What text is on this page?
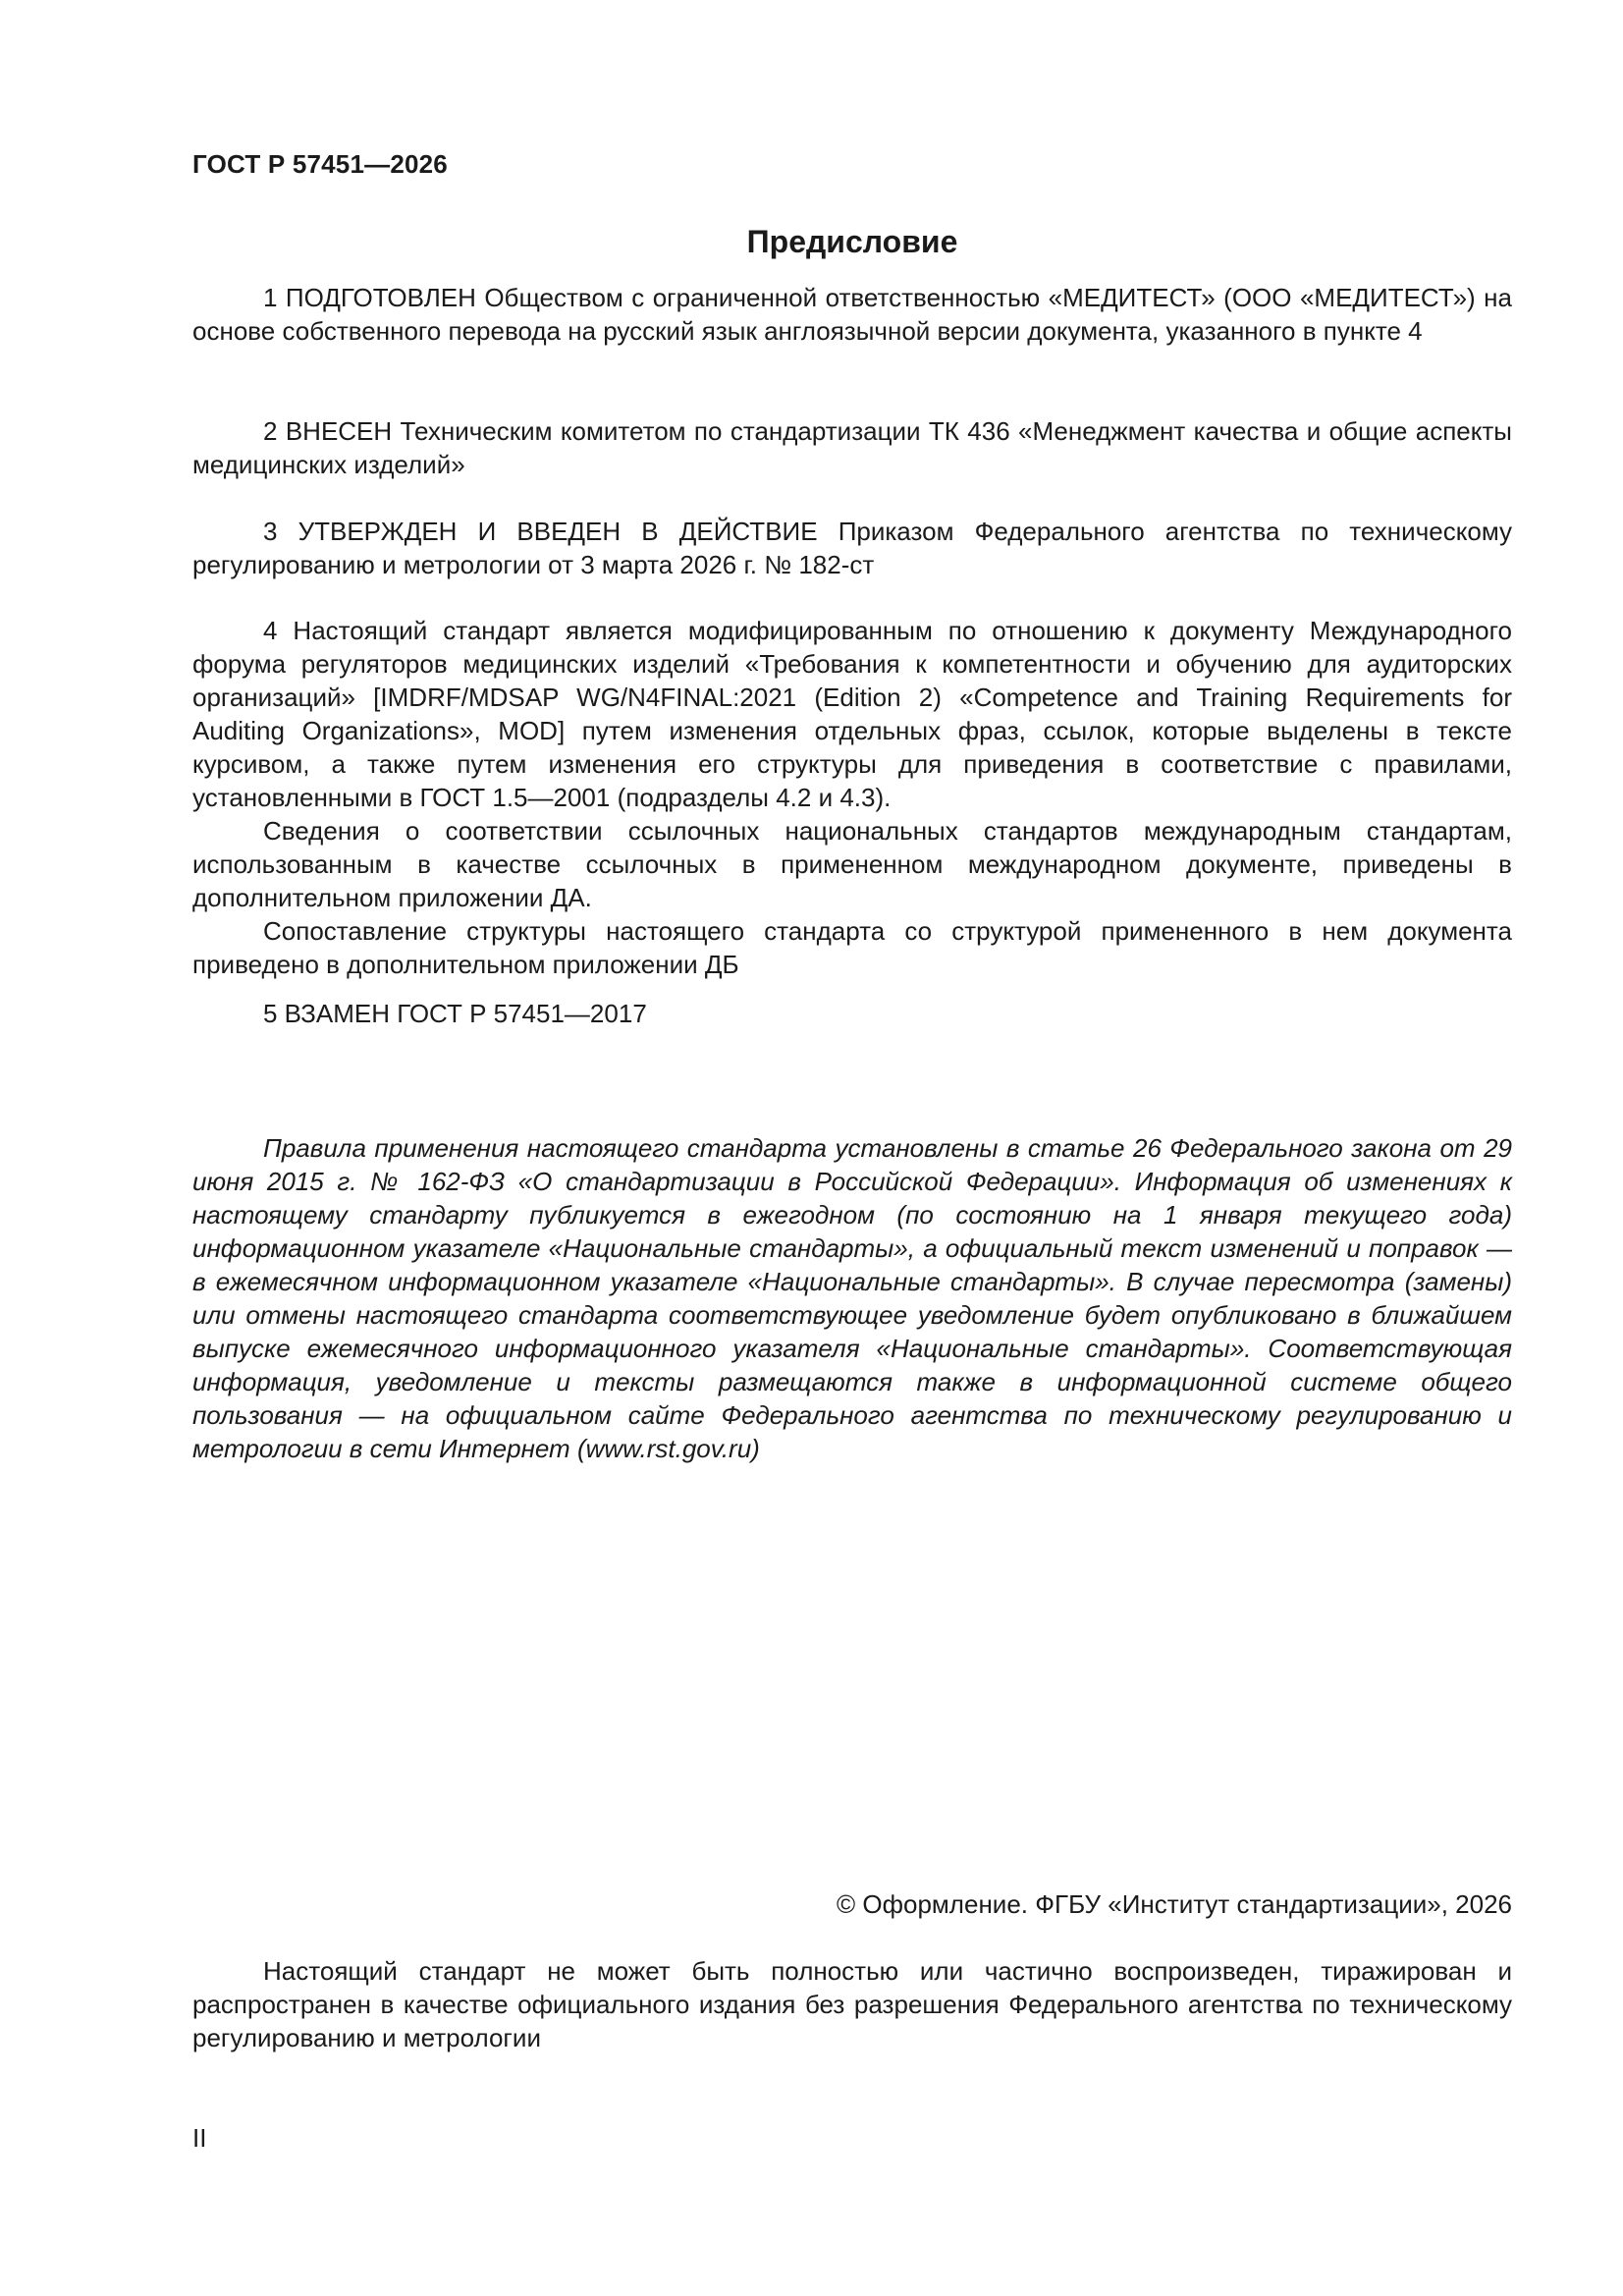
ГОСТ Р 57451—2026
Предисловие

1 ПОДГОТОВЛЕН Обществом с ограниченной ответственностью «МЕДИТЕСТ» (ООО «МЕДИТЕСТ») на основе собственного перевода на русский язык англоязычной версии документа, указанного в пункте 4

2 ВНЕСЕН Техническим комитетом по стандартизации ТК 436 «Менеджмент качества и общие аспекты медицинских изделий»

3 УТВЕРЖДЕН И ВВЕДЕН В ДЕЙСТВИЕ Приказом Федерального агентства по техническому регулированию и метрологии от 3 марта 2026 г. № 182-ст

4 Настоящий стандарт является модифицированным по отношению к документу Международного форума регуляторов медицинских изделий «Требования к компетентности и обучению для аудиторских организаций» [IMDRF/MDSAP WG/N4FINAL:2021 (Edition 2) «Competence and Training Requirements for Auditing Organizations», MOD] путем изменения отдельных фраз, ссылок, которые выделены в тексте курсивом, а также путем изменения его структуры для приведения в соответствие с правилами, установленными в ГОСТ 1.5—2001 (подразделы 4.2 и 4.3).

Сведения о соответствии ссылочных национальных стандартов международным стандартам, использованным в качестве ссылочных в примененном международном документе, приведены в дополнительном приложении ДА.

Сопоставление структуры настоящего стандарта со структурой примененного в нем документа приведено в дополнительном приложении ДБ

5 ВЗАМЕН ГОСТ Р 57451—2017

Правила применения настоящего стандарта установлены в статье 26 Федерального закона от 29 июня 2015 г. № 162-ФЗ «О стандартизации в Российской Федерации». Информация об изменениях к настоящему стандарту публикуется в ежегодном (по состоянию на 1 января текущего года) информационном указателе «Национальные стандарты», а официальный текст изменений и поправок — в ежемесячном информационном указателе «Национальные стандарты». В случае пересмотра (замены) или отмены настоящего стандарта соответствующее уведомление будет опубликовано в ближайшем выпуске ежемесячного информационного указателя «Национальные стандарты». Соответствующая информация, уведомление и тексты размещаются также в информационной системе общего пользования — на официальном сайте Федерального агентства по техническому регулированию и метрологии в сети Интернет (www.rst.gov.ru)

© Оформление. ФГБУ «Институт стандартизации», 2026

Настоящий стандарт не может быть полностью или частично воспроизведен, тиражирован и распространен в качестве официального издания без разрешения Федерального агентства по техническому регулированию и метрологии

II
